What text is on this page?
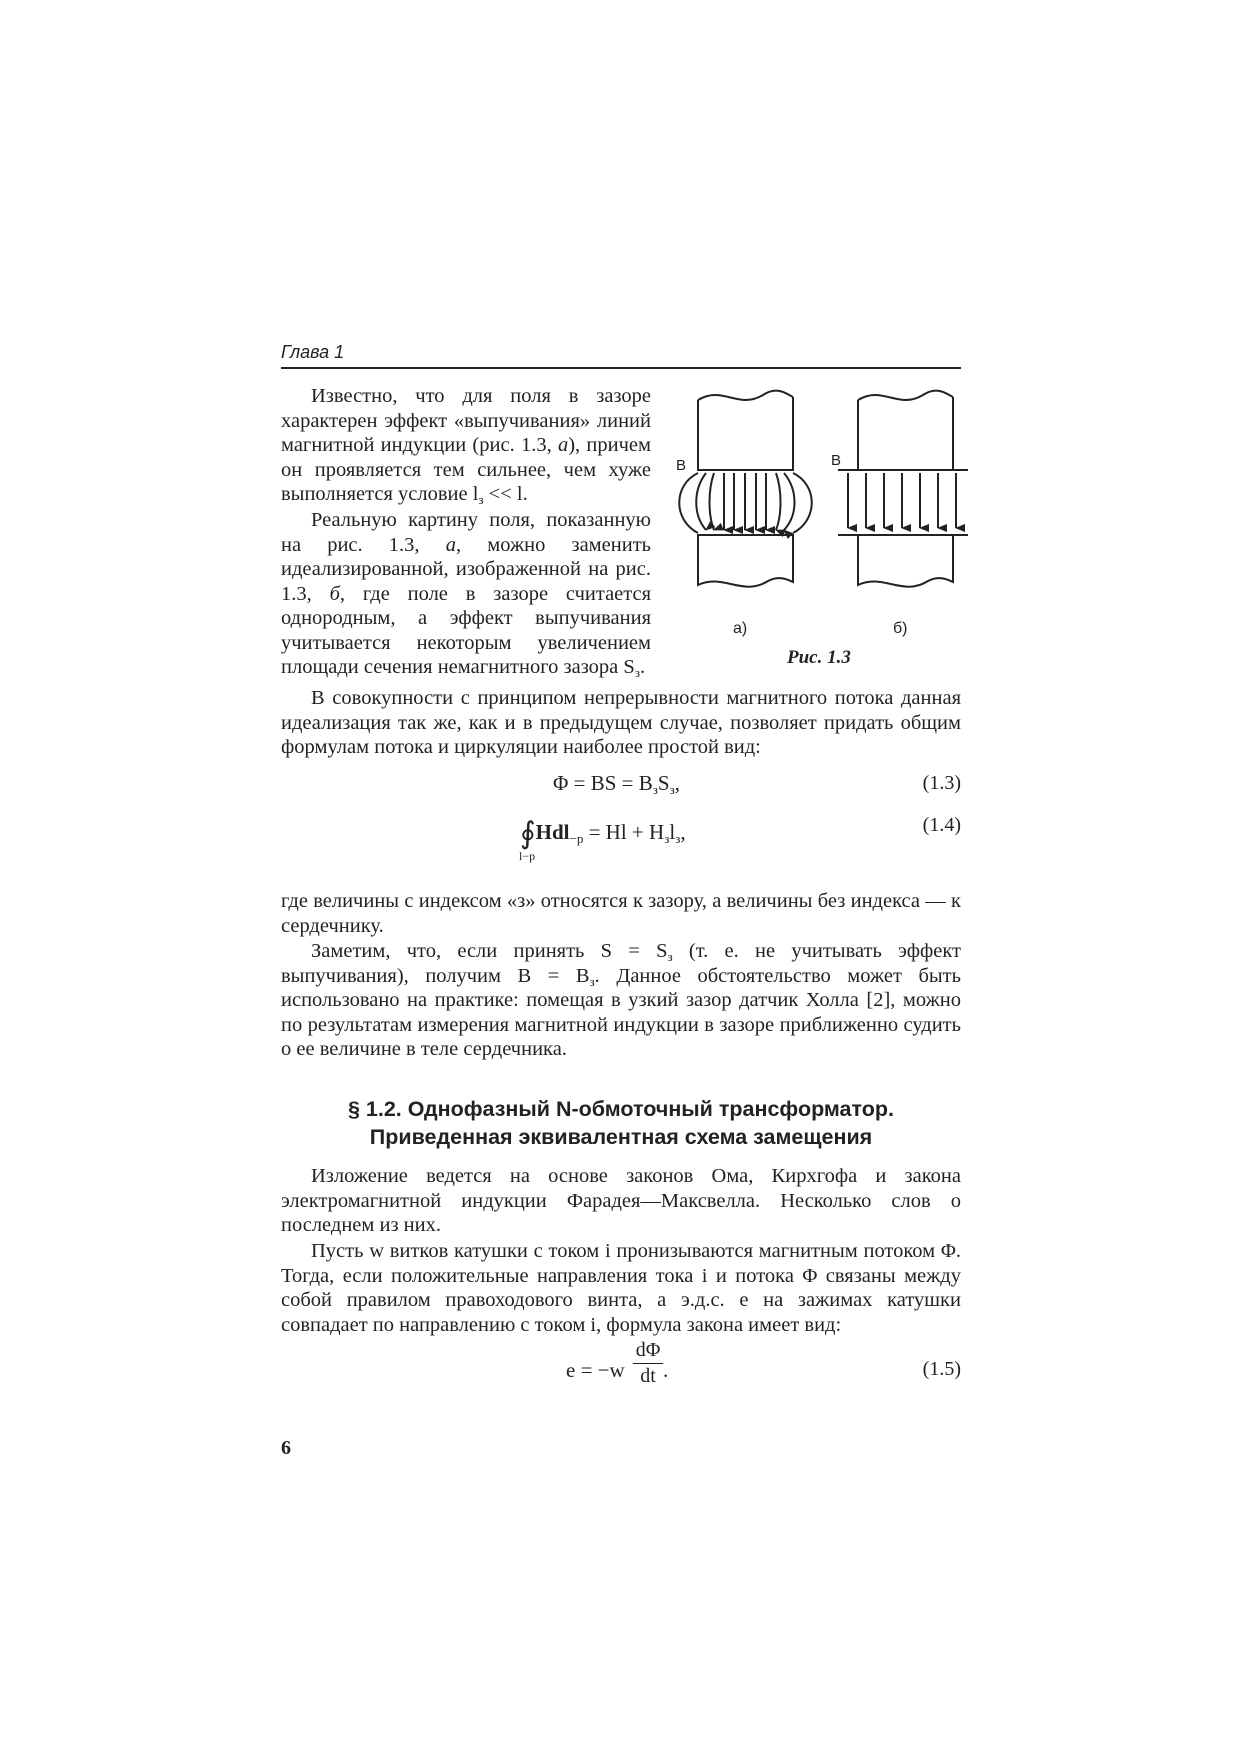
Глава 1

Известно, что для поля в зазоре характерен эффект «выпучивания» линий магнитной индукции (рис. 1.3, а), причем он проявляется тем сильнее, чем хуже выполняется условие $l_з << l$.

Реальную картину поля, показанную на рис. 1.3, а, можно заменить идеализированной, изображенной на рис. 1.3, б, где поле в зазоре считается однородным, а эффект выпучивания учитывается некоторым увеличением площади сечения немагнитного зазора $S_з$.

B
а)
B
б)
Рис. 1.3

В совокупности с принципом непрерывности магнитного потока данная идеализация так же, как и в предыдущем случае, позволяет придать общим формулам потока и циркуляции наиболее простой вид:

Φ = BS = $B_зS_з$,	(1.3)
∮Hdl$_{-р}$ = $Hl + H_зl_з$,
l−р
(1.4)

где величины с индексом «з» относятся к зазору, а величины без индекса — к сердечнику.

Заметим, что, если принять $S = S_з$ (т. е. не учитывать эффект выпучивания), получим $B = B_з$. Данное обстоятельство может быть использовано на практике: помещая в узкий зазор датчик Холла [2], можно по результатам измерения магнитной индукции в зазоре приближенно судить о ее величине в теле сердечника.

§ 1.2. Однофазный N-обмоточный трансформатор.
Приведенная эквивалентная схема замещения

Изложение ведется на основе законов Ома, Кирхгофа и закона электромагнитной индукции Фарадея—Максвелла. Несколько слов о последнем из них.

Пусть w витков катушки с током i пронизываются магнитным потоком Φ. Тогда, если положительные направления тока i и потока Φ связаны между собой правилом правоходового винта, а э.д.с. e на зажимах катушки совпадает по направлению с током i, формула закона имеет вид:

e = −w
dΦ
dt .	(1.5)
6
